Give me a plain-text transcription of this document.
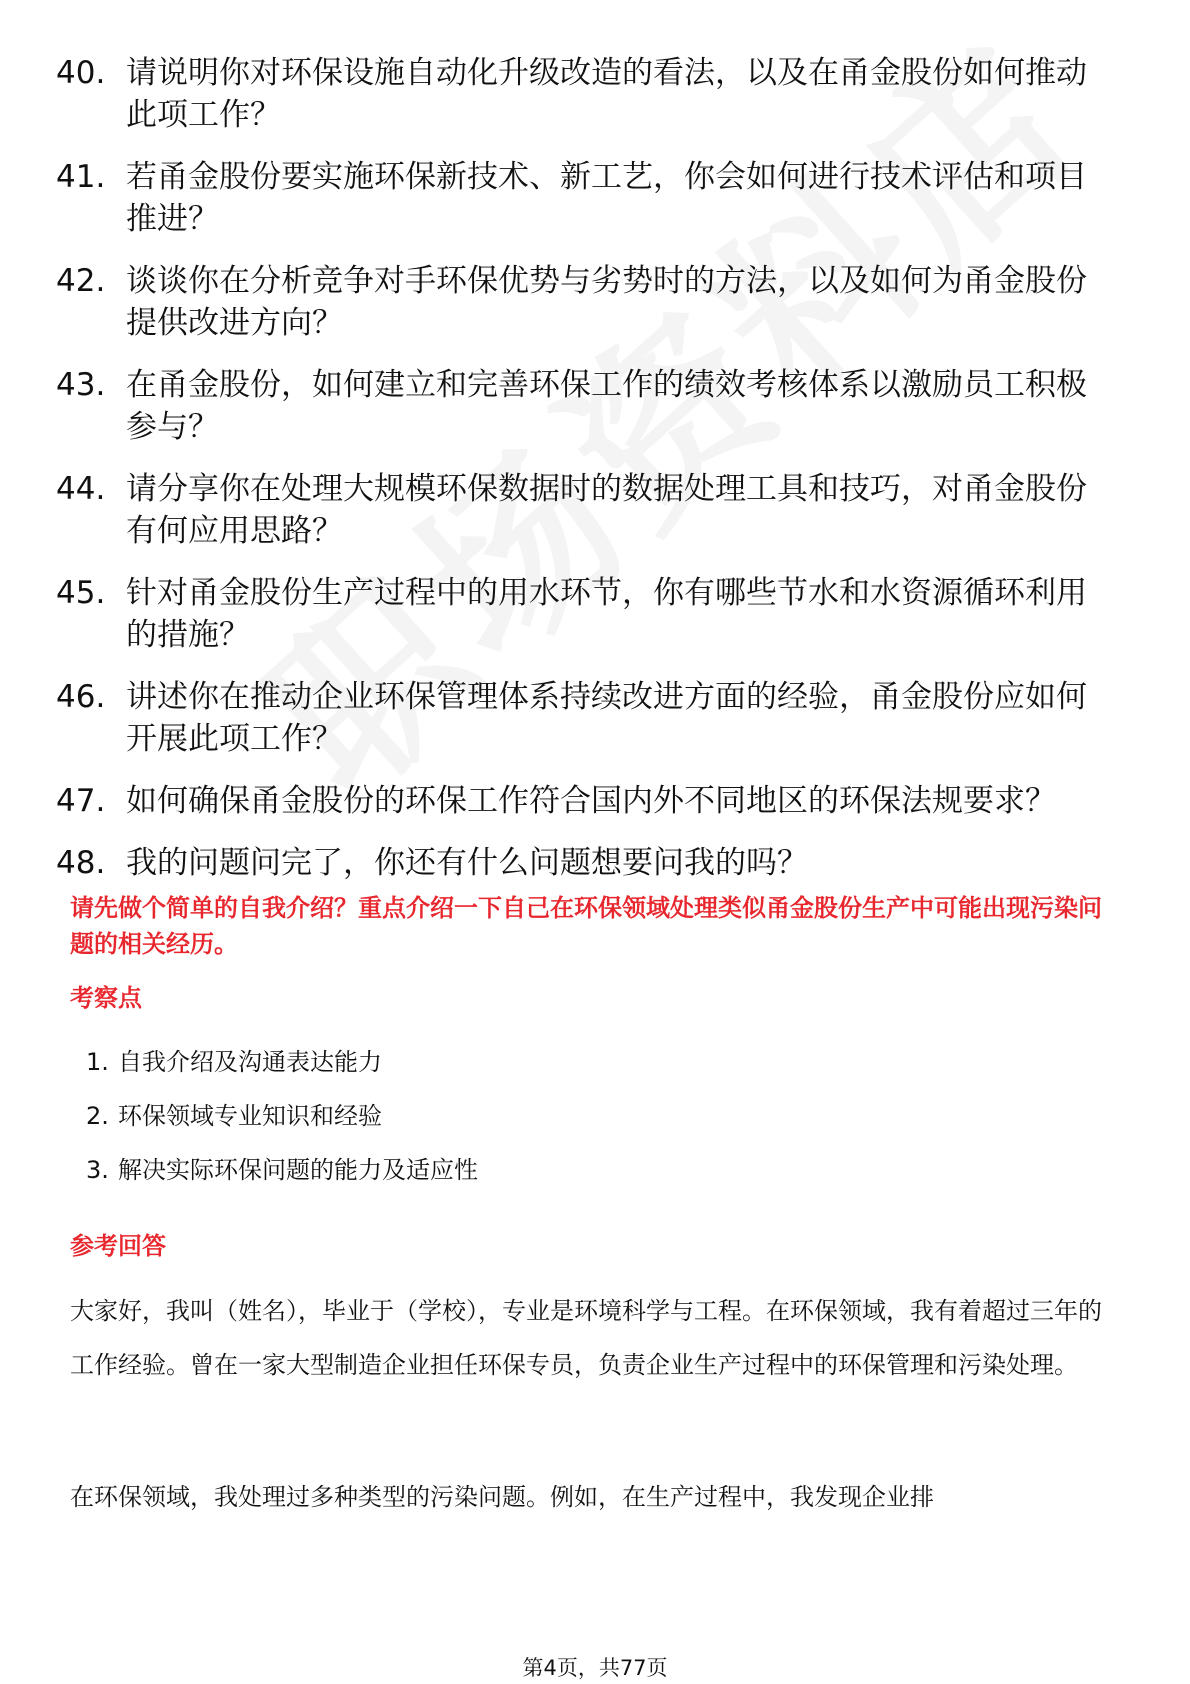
40. 请说明你对环保设施自动化升级改造的看法，以及在甬金股份如何推动此项工作？
41. 若甬金股份要实施环保新技术、新工艺，你会如何进行技术评估和项目推进？
42. 谈谈你在分析竞争对手环保优势与劣势时的方法，以及如何为甬金股份提供改进方向？
43. 在甬金股份，如何建立和完善环保工作的绩效考核体系以激励员工积极参与？
44. 请分享你在处理大规模环保数据时的数据处理工具和技巧，对甬金股份有何应用思路？
45. 针对甬金股份生产过程中的用水环节，你有哪些节水和水资源循环利用的措施？
46. 讲述你在推动企业环保管理体系持续改进方面的经验，甬金股份应如何开展此项工作？
47. 如何确保甬金股份的环保工作符合国内外不同地区的环保法规要求？
48. 我的问题问完了，你还有什么问题想要问我的吗？
请先做个简单的自我介绍？重点介绍一下自己在环保领域处理类似甬金股份生产中可能出现污染问题的相关经历。
考察点
1. 自我介绍及沟通表达能力
2. 环保领域专业知识和经验
3. 解决实际环保问题的能力及适应性
参考回答
大家好，我叫（姓名），毕业于（学校），专业是环境科学与工程。在环保领域，我有着超过三年的工作经验。曾在一家大型制造企业担任环保专员，负责企业生产过程中的环保管理和污染处理。
在环保领域，我处理过多种类型的污染问题。例如，在生产过程中，我发现企业排
第4页，共77页
